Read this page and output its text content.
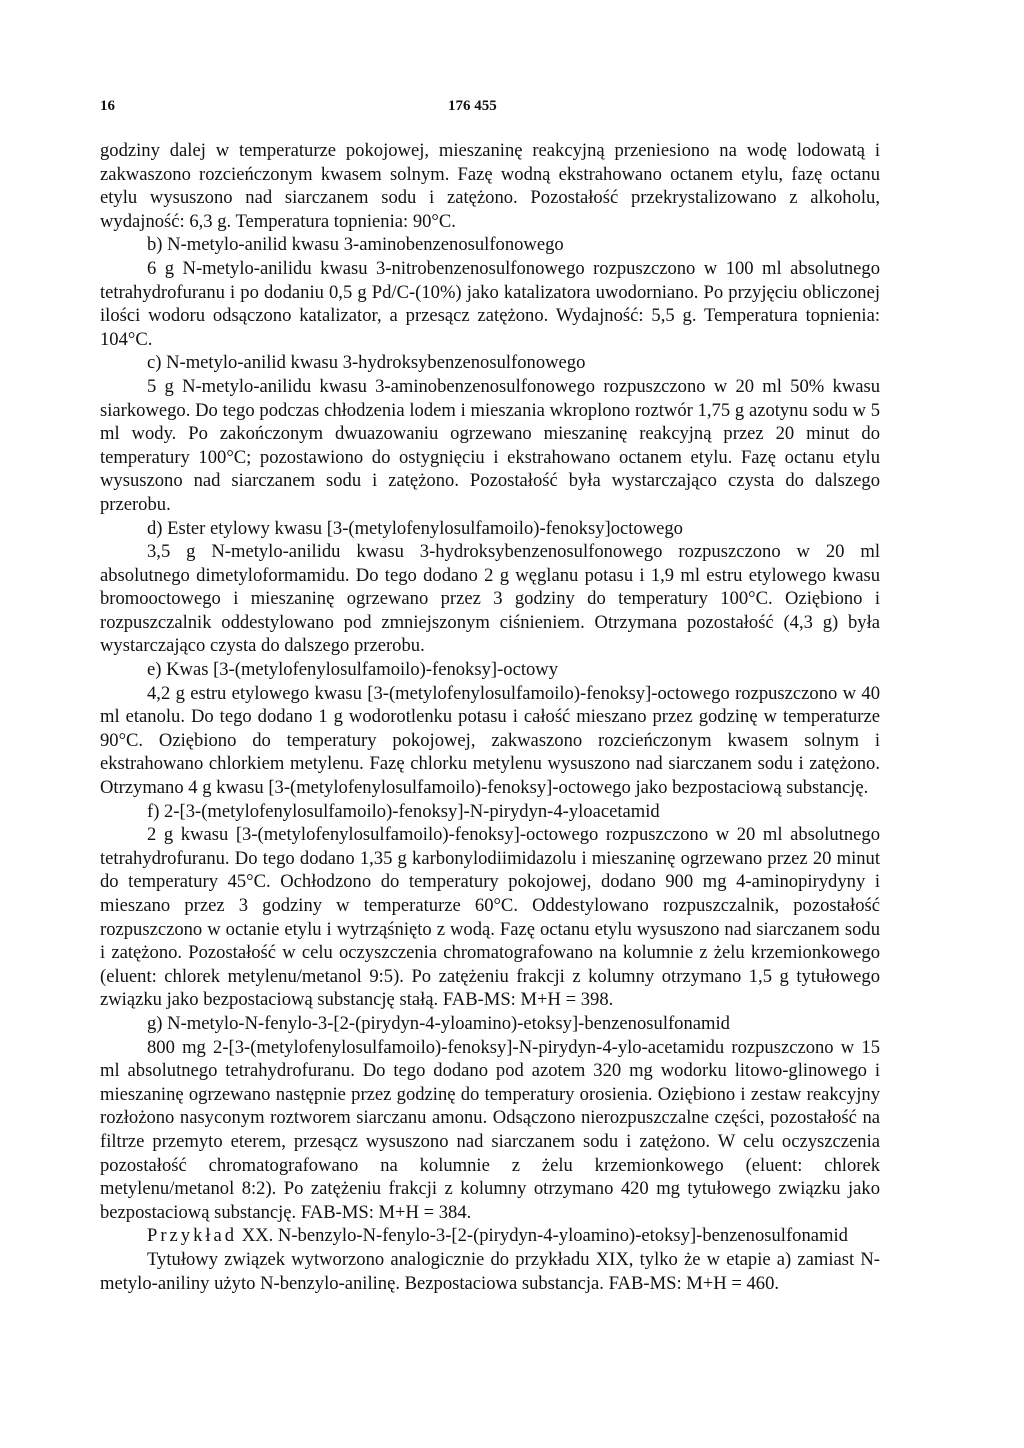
16	176 455

godziny dalej w temperaturze pokojowej, mieszaninę reakcyjną przeniesiono na wodę lodowatą i zakwaszono rozcieńczonym kwasem solnym. Fazę wodną ekstrahowano octanem etylu, fazę octanu etylu wysuszono nad siarczanem sodu i zatężono. Pozostałość przekrystalizowano z alkoholu, wydajność: 6,3 g. Temperatura topnienia: 90°C.

b) N-metylo-anilid kwasu 3-aminobenzenosulfonowego

6 g N-metylo-anilidu kwasu 3-nitrobenzenosulfonowego rozpuszczono w 100 ml absolutnego tetrahydrofuranu i po dodaniu 0,5 g Pd/C-(10%) jako katalizatora uwodorniano. Po przyjęciu obliczonej ilości wodoru odsączono katalizator, a przesącz zatężono. Wydajność: 5,5 g. Temperatura topnienia: 104°C.

c) N-metylo-anilid kwasu 3-hydroksybenzenosulfonowego

5 g N-metylo-anilidu kwasu 3-aminobenzenosulfonowego rozpuszczono w 20 ml 50% kwasu siarkowego. Do tego podczas chłodzenia lodem i mieszania wkroplono roztwór 1,75 g azotynu sodu w 5 ml wody. Po zakończonym dwuazowaniu ogrzewano mieszaninę reakcyjną przez 20 minut do temperatury 100°C; pozostawiono do ostygnięciu i ekstrahowano octanem etylu. Fazę octanu etylu wysuszono nad siarczanem sodu i zatężono. Pozostałość była wystarczająco czysta do dalszego przerobu.

d) Ester etylowy kwasu [3-(metylofenylosulfamoilo)-fenoksy]octowego

3,5 g N-metylo-anilidu kwasu 3-hydroksybenzenosulfonowego rozpuszczono w 20 ml absolutnego dimetyloformamidu. Do tego dodano 2 g węglanu potasu i 1,9 ml estru etylowego kwasu bromooctowego i mieszaninę ogrzewano przez 3 godziny do temperatury 100°C. Oziębiono i rozpuszczalnik oddestylowano pod zmniejszonym ciśnieniem. Otrzymana pozostałość (4,3 g) była wystarczająco czysta do dalszego przerobu.

e) Kwas [3-(metylofenylosulfamoilo)-fenoksy]-octowy

4,2 g estru etylowego kwasu [3-(metylofenylosulfamoilo)-fenoksy]-octowego rozpuszczono w 40 ml etanolu. Do tego dodano 1 g wodorotlenku potasu i całość mieszano przez godzinę w temperaturze 90°C. Oziębiono do temperatury pokojowej, zakwaszono rozcieńczonym kwasem solnym i ekstrahowano chlorkiem metylenu. Fazę chlorku metylenu wysuszono nad siarczanem sodu i zatężono. Otrzymano 4 g kwasu [3-(metylofenylosulfamoilo)-fenoksy]-octowego jako bezpostaciową substancję.

f) 2-[3-(metylofenylosulfamoilo)-fenoksy]-N-pirydyn-4-yloacetamid

2 g kwasu [3-(metylofenylosulfamoilo)-fenoksy]-octowego rozpuszczono w 20 ml absolutnego tetrahydrofuranu. Do tego dodano 1,35 g karbonylodiimidazolu i mieszaninę ogrzewano przez 20 minut do temperatury 45°C. Ochłodzono do temperatury pokojowej, dodano 900 mg 4-aminopirydyny i mieszano przez 3 godziny w temperaturze 60°C. Oddestylowano rozpuszczalnik, pozostałość rozpuszczono w octanie etylu i wytrząśnięto z wodą. Fazę octanu etylu wysuszono nad siarczanem sodu i zatężono. Pozostałość w celu oczyszczenia chromatografowano na kolumnie z żelu krzemionkowego (eluent: chlorek metylenu/metanol 9:5). Po zatężeniu frakcji z kolumny otrzymano 1,5 g tytułowego związku jako bezpostaciową substancję stałą. FAB-MS: M+H = 398.

g) N-metylo-N-fenylo-3-[2-(pirydyn-4-yloamino)-etoksy]-benzenosulfonamid

800 mg 2-[3-(metylofenylosulfamoilo)-fenoksy]-N-pirydyn-4-ylo-acetamidu rozpuszczono w 15 ml absolutnego tetrahydrofuranu. Do tego dodano pod azotem 320 mg wodorku litowo-glinowego i mieszaninę ogrzewano następnie przez godzinę do temperatury orosienia. Oziębiono i zestaw reakcyjny rozłożono nasyconym roztworem siarczanu amonu. Odsączono nierozpuszczalne części, pozostałość na filtrze przemyto eterem, przesącz wysuszono nad siarczanem sodu i zatężono. W celu oczyszczenia pozostałość chromatografowano na kolumnie z żelu krzemionkowego (eluent: chlorek metylenu/metanol 8:2). Po zatężeniu frakcji z kolumny otrzymano 420 mg tytułowego związku jako bezpostaciową substancję. FAB-MS: M+H = 384.

Przykład XX. N-benzylo-N-fenylo-3-[2-(pirydyn-4-yloamino)-etoksy]-benzenosulfonamid

Tytułowy związek wytworzono analogicznie do przykładu XIX, tylko że w etapie a) zamiast N-metylo-aniliny użyto N-benzylo-anilinę. Bezpostaciowa substancja. FAB-MS: M+H = 460.
